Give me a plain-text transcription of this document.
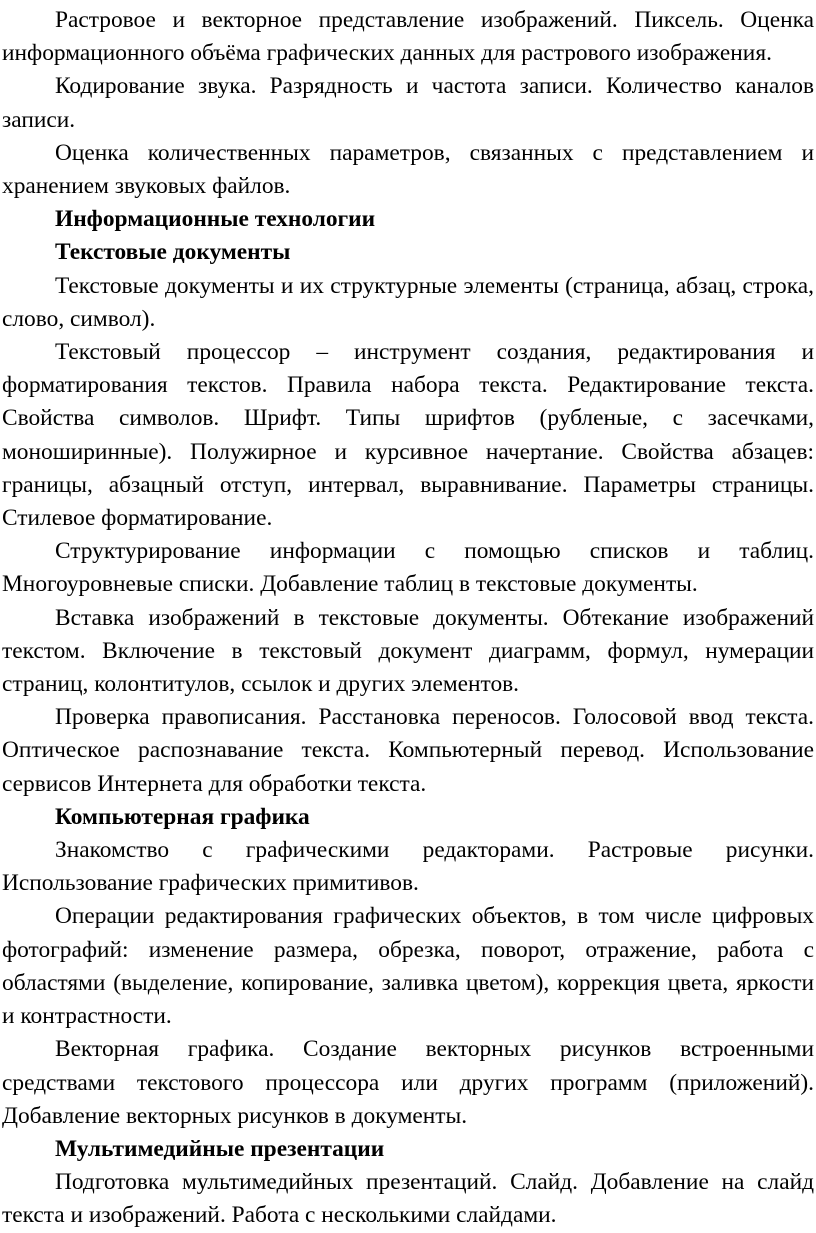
Растровое и векторное представление изображений. Пиксель. Оценка информационного объёма графических данных для растрового изображения.

Кодирование звука. Разрядность и частота записи. Количество каналов записи.

Оценка количественных параметров, связанных с представлением и хранением звуковых файлов.

Информационные технологии

Текстовые документы

Текстовые документы и их структурные элементы (страница, абзац, строка, слово, символ).

Текстовый процессор – инструмент создания, редактирования и форматирования текстов. Правила набора текста. Редактирование текста. Свойства символов. Шрифт. Типы шрифтов (рубленые, с засечками, моноширинные). Полужирное и курсивное начертание. Свойства абзацев: границы, абзацный отступ, интервал, выравнивание. Параметры страницы. Стилевое форматирование.

Структурирование информации с помощью списков и таблиц. Многоуровневые списки. Добавление таблиц в текстовые документы.

Вставка изображений в текстовые документы. Обтекание изображений текстом. Включение в текстовый документ диаграмм, формул, нумерации страниц, колонтитулов, ссылок и других элементов.

Проверка правописания. Расстановка переносов. Голосовой ввод текста. Оптическое распознавание текста. Компьютерный перевод. Использование сервисов Интернета для обработки текста.

Компьютерная графика

Знакомство с графическими редакторами. Растровые рисунки. Использование графических примитивов.

Операции редактирования графических объектов, в том числе цифровых фотографий: изменение размера, обрезка, поворот, отражение, работа с областями (выделение, копирование, заливка цветом), коррекция цвета, яркости и контрастности.

Векторная графика. Создание векторных рисунков встроенными средствами текстового процессора или других программ (приложений). Добавление векторных рисунков в документы.

Мультимедийные презентации

Подготовка мультимедийных презентаций. Слайд. Добавление на слайд текста и изображений. Работа с несколькими слайдами.
